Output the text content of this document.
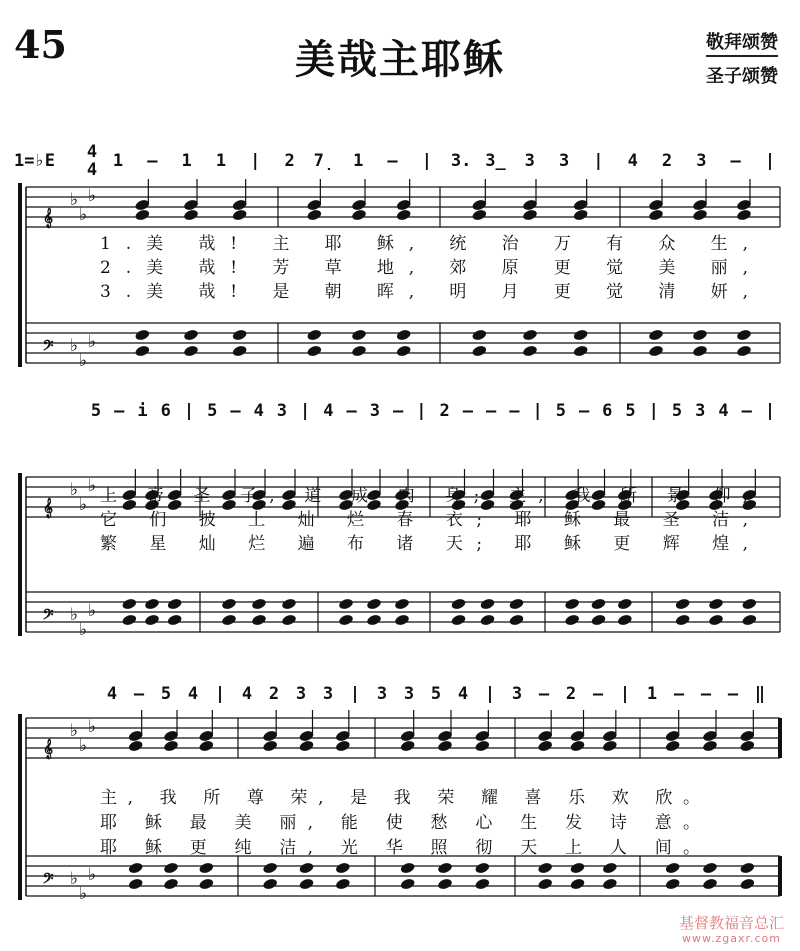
45	美哉主耶稣	敬拜颂赞
圣子颂赞
1=♭E 4
4 1 – 1 1 | 2 7̣ 1 – | 3. 3̲ 3 3 | 4 2 3 – |
𝄞
♭
♭
♭
𝄢 ♭
♭
♭
1.美 哉! 主 耶 稣, 统 治 万 有 众 生,
2.美 哉! 芳 草 地, 郊 原 更 觉 美 丽,
3.美 哉! 是 朝 晖, 明 月 更 觉 清 妍,
5 – i 6 | 5 – 4 3 | 4 – 3 – | 2 – – – | 5 – 6 5 | 5 3 4 – |
𝄞
♭
♭
♭
𝄢 ♭
♭
♭
上 帝 圣 子, 道 成 肉 身; 主, 我 所 景 仰,
它 们 披 上 灿 烂 春 衣; 耶 稣 最 圣 洁,
繁 星 灿 烂 遍 布 诸 天; 耶 稣 更 辉 煌,
4 – 5 4 | 4 2 3 3 | 3 3 5 4 | 3 – 2 – | 1 – – – ‖
𝄞
♭
♭
♭
𝄢 ♭
♭
♭
主, 我 所 尊 荣, 是 我 荣 耀 喜 乐 欢 欣。
耶 稣 最 美 丽, 能 使 愁 心 生 发 诗 意。
耶 稣 更 纯 洁, 光 华 照 彻 天 上 人 间。
基督教福音总汇
www.zgaxr.com
